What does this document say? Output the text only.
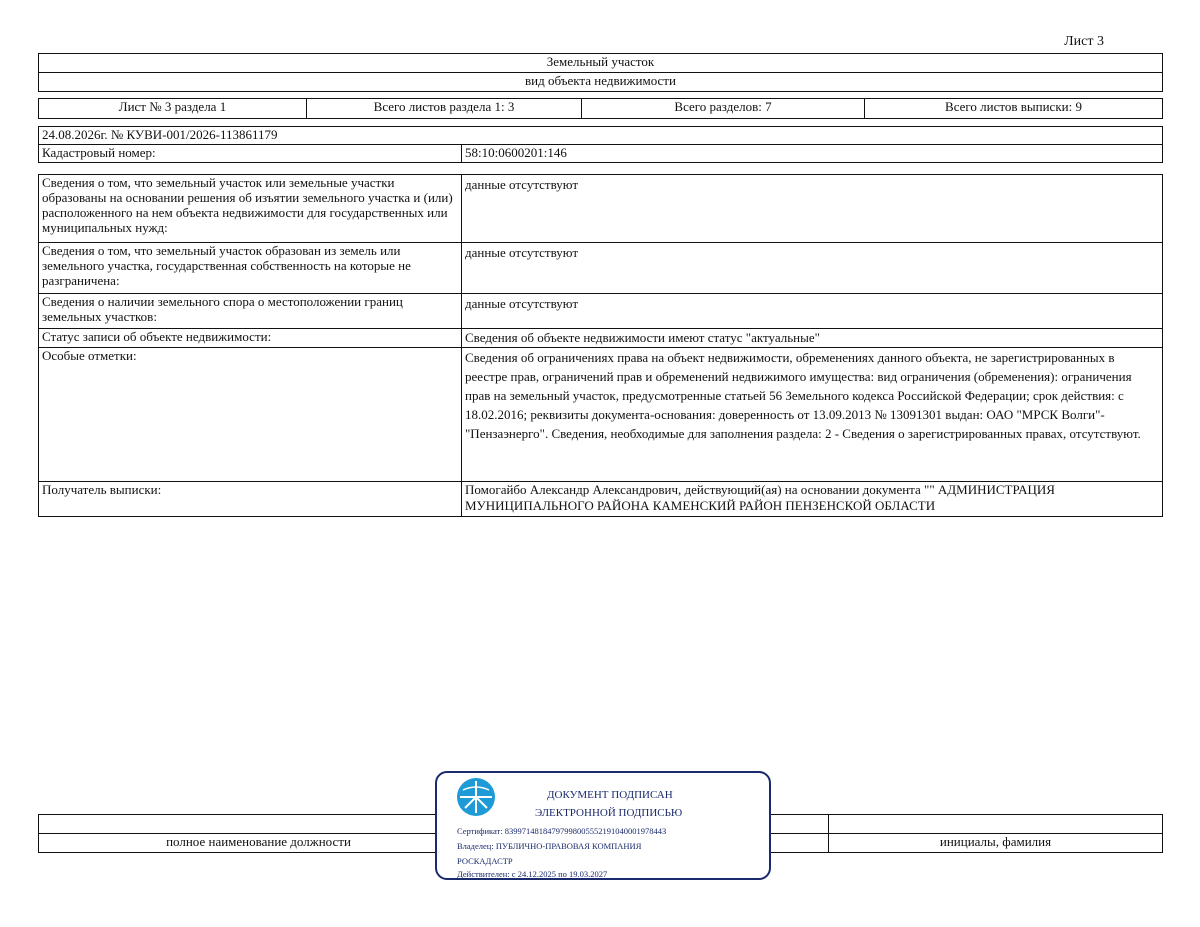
Лист 3
Земельный участок
вид объекта недвижимости
Лист № 3 раздела 1	Всего листов раздела 1: 3	Всего разделов: 7	Всего листов выписки: 9
24.08.2026г. № КУВИ-001/2026-113861179
Кадастровый номер:	58:10:0600201:146
Сведения о том, что земельный участок или земельные участки образованы на основании решения об изъятии земельного участка и (или) расположенного на нем объекта недвижимости для государственных или муниципальных нужд:	данные отсутствуют
Сведения о том, что земельный участок образован из земель или земельного участка, государственная собственность на которые не разграничена:	данные отсутствуют
Сведения о наличии земельного спора о местоположении границ земельных участков:	данные отсутствуют
Статус записи об объекте недвижимости:	Сведения об объекте недвижимости имеют статус "актуальные"
Особые отметки:	Сведения об ограничениях права на объект недвижимости, обременениях данного объекта, не зарегистрированных в реестре прав, ограничений прав и обременений недвижимого имущества: вид ограничения (обременения): ограничения прав на земельный участок, предусмотренные статьей 56 Земельного кодекса Российской Федерации; срок действия: с 18.02.2016; реквизиты документа-основания: доверенность от 13.09.2013 № 13091301 выдан: ОАО "МРСК Волги"-"Пензаэнерго". Сведения, необходимые для заполнения раздела: 2 - Сведения о зарегистрированных правах, отсутствуют.
Получатель выписки:	Помогайбо Александр Александрович, действующий(ая) на основании документа "" АДМИНИСТРАЦИЯ МУНИЦИПАЛЬНОГО РАЙОНА КАМЕНСКИЙ РАЙОН ПЕНЗЕНСКОЙ ОБЛАСТИ

полное наименование должности		инициалы, фамилия
ДОКУМЕНТ ПОДПИСАН
ЭЛЕКТРОННОЙ ПОДПИСЬЮ
Сертификат: 8399714818479799800555219104000197844З
Владелец: ПУБЛИЧНО-ПРАВОВАЯ КОМПАНИЯ
РОСКАДАСТР
Действителен: с 24.12.2025 по 19.03.2027
